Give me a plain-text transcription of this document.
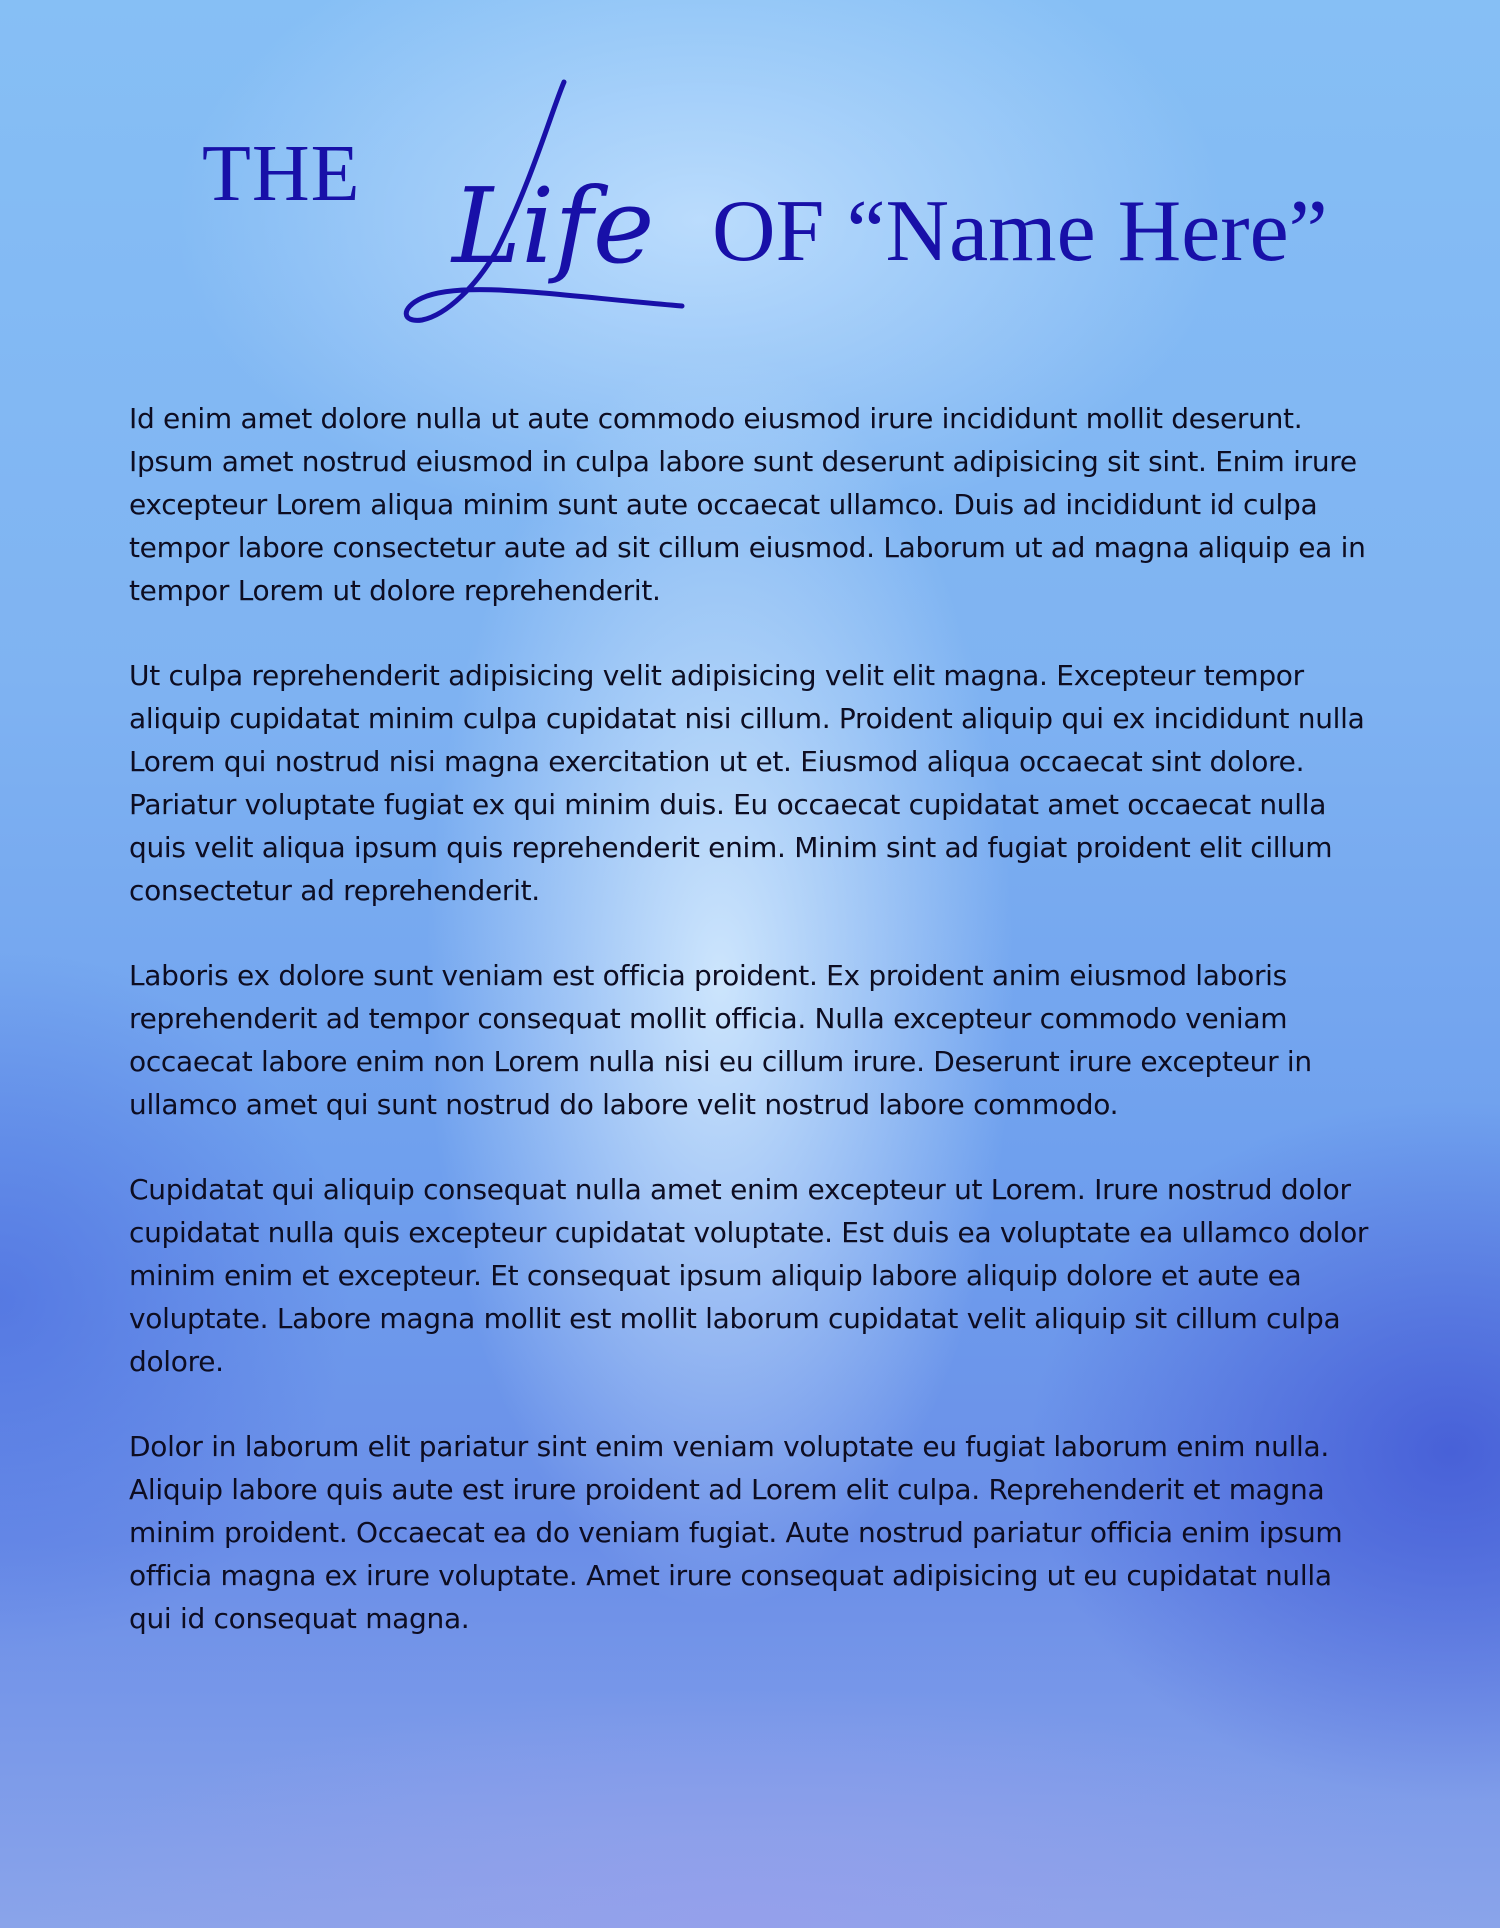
THE Life OF “Name Here”

Id enim amet dolore nulla ut aute commodo eiusmod irure incididunt mollit deserunt. Ipsum amet nostrud eiusmod in culpa labore sunt deserunt adipisicing sit sint. Enim irure excepteur Lorem aliqua minim sunt aute occaecat ullamco. Duis ad incididunt id culpa tempor labore consectetur aute ad sit cillum eiusmod. Laborum ut ad magna aliquip ea in tempor Lorem ut dolore reprehenderit.

Ut culpa reprehenderit adipisicing velit adipisicing velit elit magna. Excepteur tempor aliquip cupidatat minim culpa cupidatat nisi cillum. Proident aliquip qui ex incididunt nulla Lorem qui nostrud nisi magna exercitation ut et. Eiusmod aliqua occaecat sint dolore. Pariatur voluptate fugiat ex qui minim duis. Eu occaecat cupidatat amet occaecat nulla quis velit aliqua ipsum quis reprehenderit enim. Minim sint ad fugiat proident elit cillum consectetur ad reprehenderit.

Laboris ex dolore sunt veniam est officia proident. Ex proident anim eiusmod laboris reprehenderit ad tempor consequat mollit officia. Nulla excepteur commodo veniam occaecat labore enim non Lorem nulla nisi eu cillum irure. Deserunt irure excepteur in ullamco amet qui sunt nostrud do labore velit nostrud labore commodo.

Cupidatat qui aliquip consequat nulla amet enim excepteur ut Lorem. Irure nostrud dolor cupidatat nulla quis excepteur cupidatat voluptate. Est duis ea voluptate ea ullamco dolor minim enim et excepteur. Et consequat ipsum aliquip labore aliquip dolore et aute ea voluptate. Labore magna mollit est mollit laborum cupidatat velit aliquip sit cillum culpa dolore.

Dolor in laborum elit pariatur sint enim veniam voluptate eu fugiat laborum enim nulla. Aliquip labore quis aute est irure proident ad Lorem elit culpa. Reprehenderit et magna minim proident. Occaecat ea do veniam fugiat. Aute nostrud pariatur officia enim ipsum officia magna ex irure voluptate. Amet irure consequat adipisicing ut eu cupidatat nulla qui id consequat magna.
